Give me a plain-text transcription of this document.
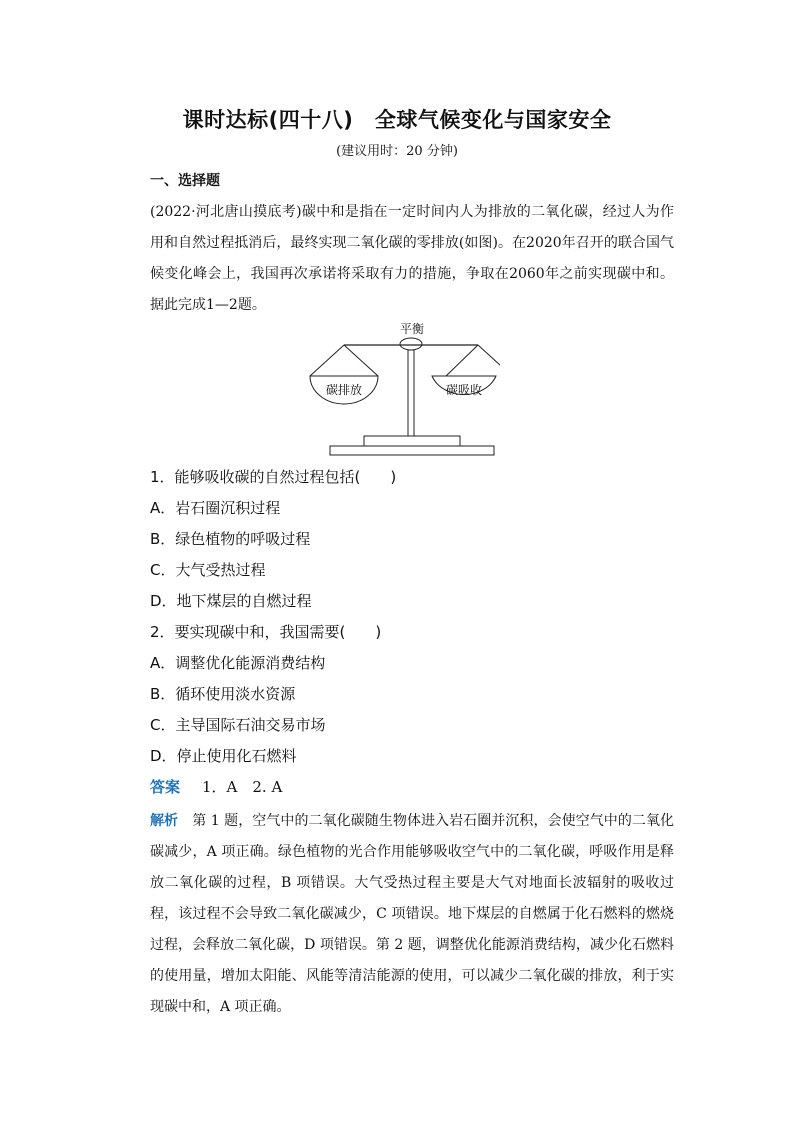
课时达标(四十八)　全球气候变化与国家安全
(建议用时：20 分钟)
一、选择题

(2022·河北唐山摸底考)碳中和是指在一定时间内人为排放的二氧化碳，经过人为作用和自然过程抵消后，最终实现二氧化碳的零排放(如图)。在2020年召开的联合国气候变化峰会上，我国再次承诺将采取有力的措施，争取在2060年之前实现碳中和。据此完成1—2题。

平衡
碳排放	碳吸收
1．能够吸收碳的自然过程包括(　　)
A．岩石圈沉积过程
B．绿色植物的呼吸过程
C．大气受热过程
D．地下煤层的自燃过程
2．要实现碳中和，我国需要(　　)
A．调整优化能源消费结构
B．循环使用淡水资源
C．主导国际石油交易市场
D．停止使用化石燃料
答案 1．A　2. A

解析　 第 1 题，空气中的二氧化碳随生物体进入岩石圈并沉积，会使空气中的二氧化碳减少，A 项正确。绿色植物的光合作用能够吸收空气中的二氧化碳，呼吸作用是释放二氧化碳的过程，B 项错误。大气受热过程主要是大气对地面长波辐射的吸收过程，该过程不会导致二氧化碳减少，C 项错误。地下煤层的自燃属于化石燃料的燃烧过程，会释放二氧化碳，D 项错误。第 2 题，调整优化能源消费结构，减少化石燃料的使用量，增加太阳能、风能等清洁能源的使用，可以减少二氧化碳的排放，利于实现碳中和，A 项正确。
